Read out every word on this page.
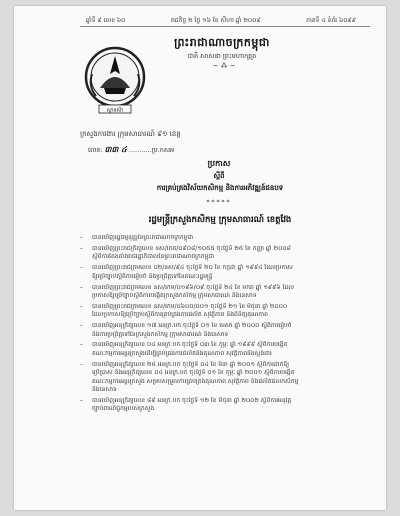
ឆ្នាំទី ៩ លេខ ៦០	រាជកិច្ច ២ ថ្ងៃ ១៦ ខែ សីហា ឆ្នាំ ២០០៩	ភាគទី ៤ ទំព័រ ៦០៩៩
ព្រះរាជាណាចក្រកម្ពុជា
ជាតិ សាសនា ព្រះមហាក្សត្រ
~ ⁂ ~
ស្ថានស៊ា
ក្រសួងការងារ ក្រុមសាធារណ៍ ៩១ ខេត្ត
លេខ: ៣៣ ៤ ...........ប្រ.កសអ
ប្រកាស
ស្តីពី
ការគ្រប់គ្រងវិស័យកសិកម្ម និងការអភិវឌ្ឍន៍ជនបទ
*****
រដ្ឋមន្ត្រីក្រសួងកសិកម្ម ក្រុមសាធារណ៍ ខេត្តវែង
–	បានឃើញរដ្ឋធម្មនុញ្ញនៃព្រះរាជាណាចក្រកម្ពុជា
–	បានឃើញព្រះរាជក្រឹត្យលេខ នស/រកត/០៩០៨/១០៥៥ ចុះថ្ងៃទី ២៥ ខែ កញ្ញា ឆ្នាំ ២០០៨
ស្តីពីការតែងតាំងរាជរដ្ឋាភិបាលនៃព្រះរាជាណាចក្រកម្ពុជា
–	បានឃើញព្រះរាជក្រមលេខ ០២/នស/៩៤ ចុះថ្ងៃទី ២០ ខែ កក្កដា ឆ្នាំ ១៩៩៤ ដែលប្រកាស
ឱ្យប្រើច្បាប់ស្តីពីការរៀបចំ និងប្រព្រឹត្តទៅនៃគណៈរដ្ឋមន្ត្រី
–	បានឃើញព្រះរាជក្រមលេខ នស/រកម/០១៩៦/០៩ ចុះថ្ងៃទី ២៤ ខែ មករា ឆ្នាំ ១៩៩៦ ដែល
ប្រកាសឱ្យប្រើច្បាប់ស្តីពីការបង្កើតក្រសួងកសិកម្ម ក្រុមសាធារណ៍ និងនេសាទ
–	បានឃើញព្រះរាជក្រមលេខ នស/រកម/០៦០០/០០១ ចុះថ្ងៃទី ២១ ខែ មិថុនា ឆ្នាំ ២០០០
ដែលប្រកាសឱ្យប្រើច្បាប់ស្តីពីការគ្រប់គ្រងការផលិត សុវត្ថិភាព និងពិនិត្យគុណភាព
–	បានឃើញអនុក្រឹត្យលេខ ១៧ អនក្រ.បក ចុះថ្ងៃទី ០១ ខែ មេសា ឆ្នាំ ២០០០ ស្តីពីការរៀបចំ
និងការប្រព្រឹត្តទៅនៃក្រសួងកសិកម្ម ក្រុមសាធារណ៍ និងនេសាទ
–	បានឃើញអនុក្រឹត្យលេខ ០៤ អនក្រ.បក ចុះថ្ងៃទី ០៣ ខែ កុម្ភៈ ឆ្នាំ ១៩៩៩ ស្តីពីការបង្កើត
គណៈកម្មការអន្តរក្រសួងដើម្បីគ្រប់គ្រងការផលិតនិងគុណភាព សុវត្ថិភាពនិងស្តង់ដារ
–	បានឃើញអនុក្រឹត្យលេខ ២៥ អនក្រ.បក ចុះថ្ងៃទី ០៤ ខែ មិនា ឆ្នាំ ២០០១ ស្តីពីការដាក់ឱ្យ
ប្រើប្រាស់ និងអនុក្រឹត្យលេខ ០៤ អនក្រ.បក ចុះថ្ងៃទី ០១ ខែ កុម្ភៈ ឆ្នាំ ២០០១ ស្តីពីការបង្កើត
គណៈកម្មការអន្តរក្រសួង សម្របសម្រួលការគ្រប់គ្រងគុណភាព សុវត្ថិភាព និងផលិតផលកសិកម្ម
និងនេសាទ
–	បានឃើញអនុក្រឹត្យលេខ ៨៩ អនក្រ.បក ចុះថ្ងៃទី ១២ ខែ មិថុនា ឆ្នាំ ២០០២ ស្តីពីការអនុវត្ត
ច្បាប់ពាណិជ្ជកម្មរបស់ក្រសួង
